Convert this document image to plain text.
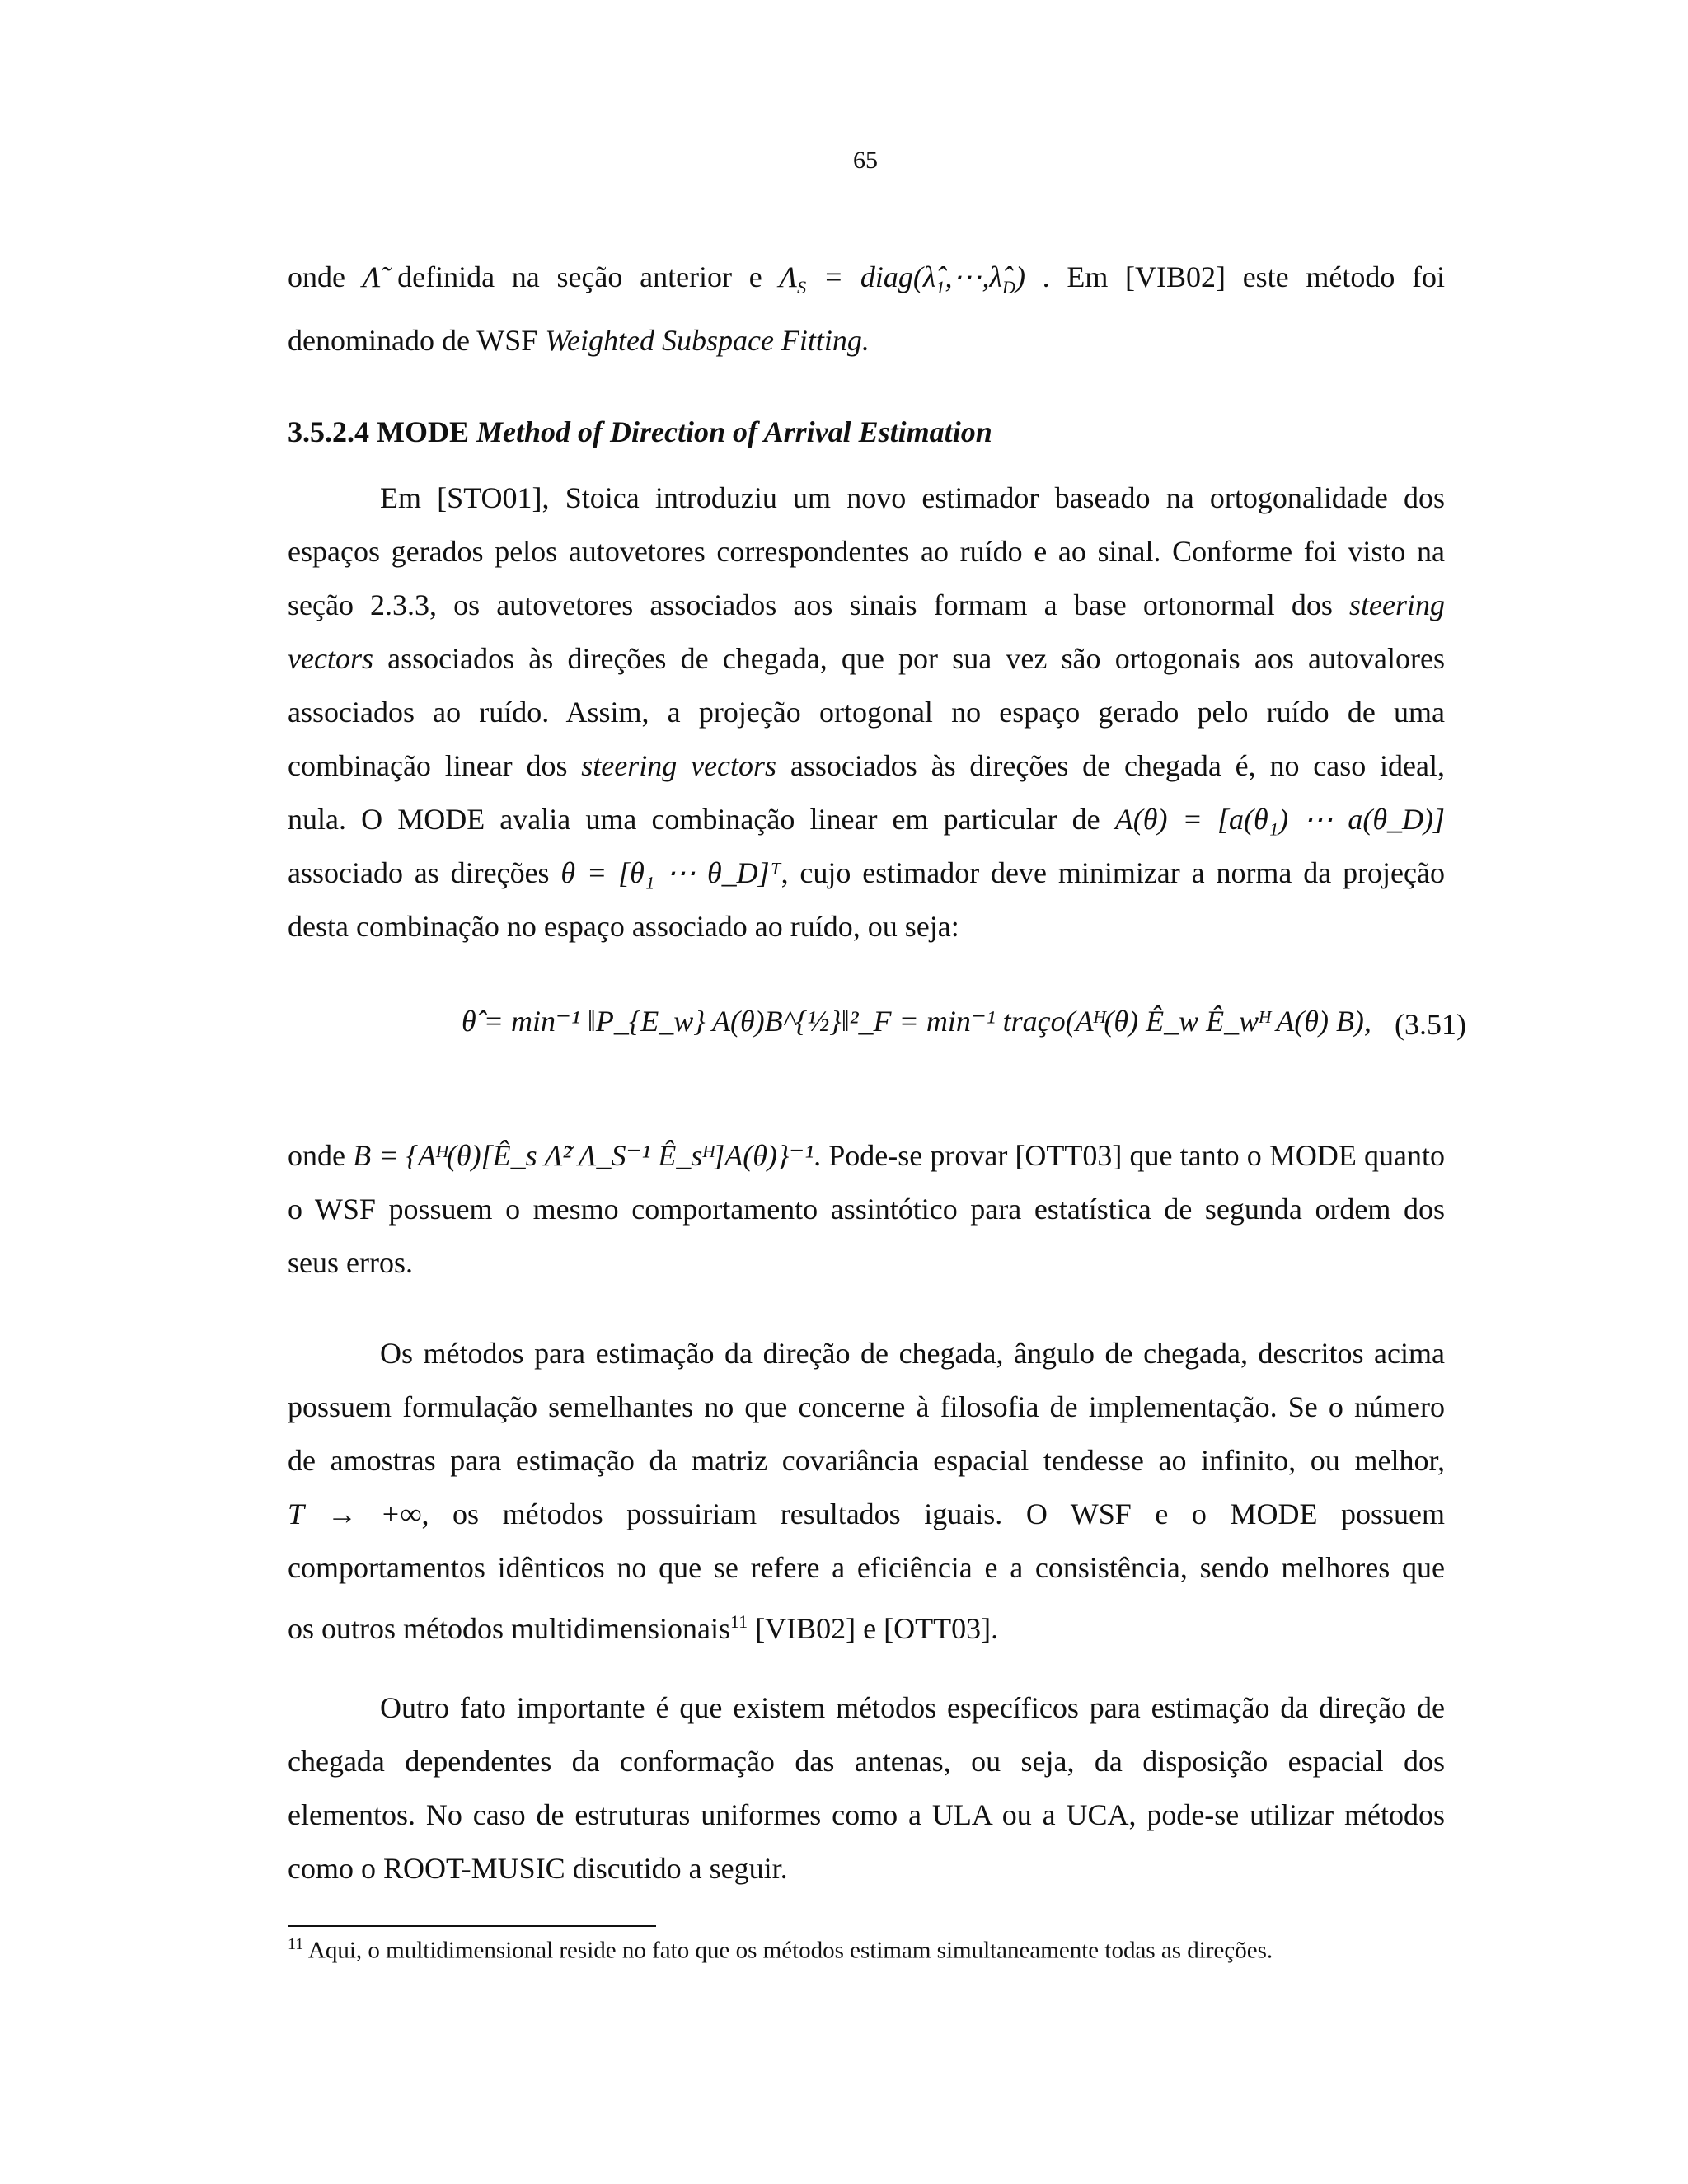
65
onde Λ̃ definida na seção anterior e $\Lambda_S$ = $diag(\lambdâ_1,\cdots,\lambdâ_D)$ . Em [VIB02] este método foi
denominado de WSF Weighted Subspace Fitting.
3.5.2.4 MODE Method of Direction of Arrival Estimation
Em [STO01], Stoica introduziu um novo estimador baseado na ortogonalidade dos
espaços gerados pelos autovetores correspondentes ao ruído e ao sinal. Conforme foi visto na
seção 2.3.3, os autovetores associados aos sinais formam a base ortonormal dos steering
vectors associados às direções de chegada, que por sua vez são ortogonais aos autovalores
associados ao ruído. Assim, a projeção ortogonal no espaço gerado pelo ruído de uma
combinação linear dos steering vectors associados às direções de chegada é, no caso ideal,
nula. O MODE avalia uma combinação linear em particular de A(θ) = [a(θ₁) ⋯ a(θ_D)]
associado as direções θ = [θ₁ ⋯ θ_D]ᵀ, cujo estimador deve minimizar a norma da projeção
desta combinação no espaço associado ao ruído, ou seja:
θ̂ = min⁻¹ ‖P_{E_w} A(θ)B^{½}‖²_F = min⁻¹ traço(Aᴴ(θ) Ê_w Ê_wᴴ A(θ) B), (3.51)
onde B = {Aᴴ(θ)[Ê_s Λ̃² Λ_S⁻¹ Ê_sᴴ]A(θ)}⁻¹. Pode-se provar [OTT03] que tanto o MODE quanto
o WSF possuem o mesmo comportamento assintótico para estatística de segunda ordem dos
seus erros.
Os métodos para estimação da direção de chegada, ângulo de chegada, descritos acima
possuem formulação semelhantes no que concerne à filosofia de implementação. Se o número
de amostras para estimação da matriz covariância espacial tendesse ao infinito, ou melhor,
T → +∞, os métodos possuiriam resultados iguais. O WSF e o MODE possuem
comportamentos idênticos no que se refere a eficiência e a consistência, sendo melhores que
os outros métodos multidimensionais$^{11}$ [VIB02] e [OTT03].
Outro fato importante é que existem métodos específicos para estimação da direção de
chegada dependentes da conformação das antenas, ou seja, da disposição espacial dos
elementos. No caso de estruturas uniformes como a ULA ou a UCA, pode-se utilizar métodos
como o ROOT-MUSIC discutido a seguir.
$^{11}$ Aqui, o multidimensional reside no fato que os métodos estimam simultaneamente todas as direções.
